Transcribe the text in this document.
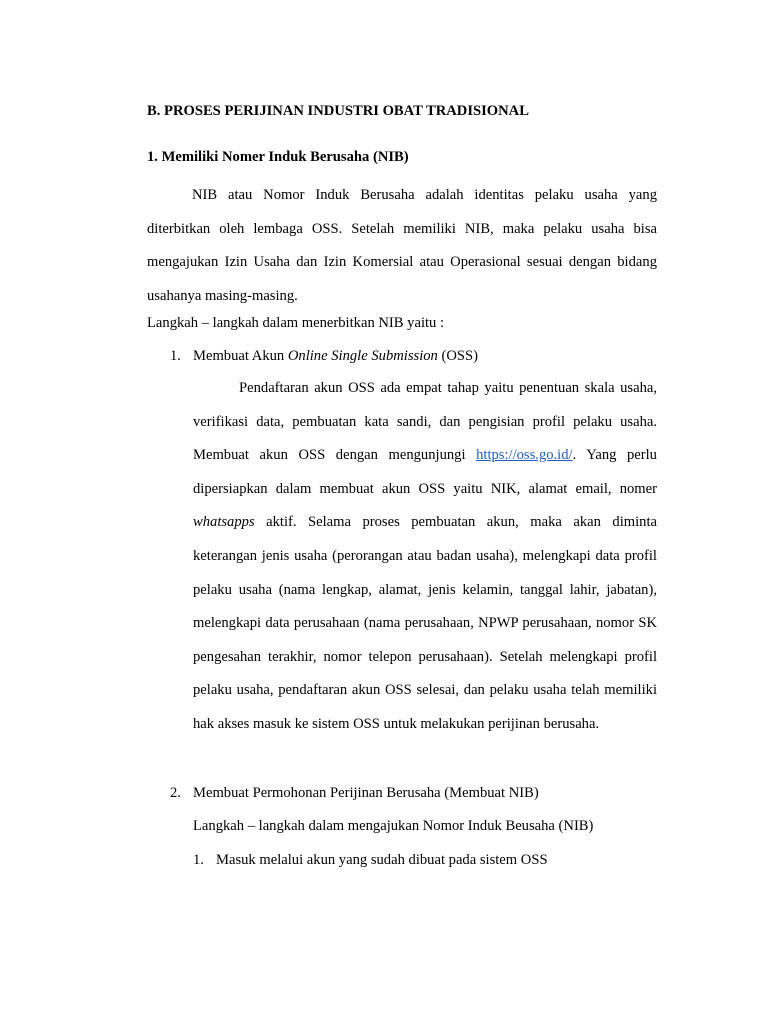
B. PROSES PERIJINAN INDUSTRI OBAT TRADISIONAL
1. Memiliki Nomer Induk Berusaha (NIB)

NIB atau Nomor Induk Berusaha adalah identitas pelaku usaha yang diterbitkan oleh lembaga OSS. Setelah memiliki NIB, maka pelaku usaha bisa mengajukan Izin Usaha dan Izin Komersial atau Operasional sesuai dengan bidang usahanya masing-masing.

Langkah – langkah dalam menerbitkan NIB yaitu :
1. Membuat Akun Online Single Submission (OSS)

Pendaftaran akun OSS ada empat tahap yaitu penentuan skala usaha, verifikasi data, pembuatan kata sandi, dan pengisian profil pelaku usaha. Membuat akun OSS dengan mengunjungi https://oss.go.id/. Yang perlu dipersiapkan dalam membuat akun OSS yaitu NIK, alamat email, nomer whatsapps aktif. Selama proses pembuatan akun, maka akan diminta keterangan jenis usaha (perorangan atau badan usaha), melengkapi data profil pelaku usaha (nama lengkap, alamat, jenis kelamin, tanggal lahir, jabatan), melengkapi data perusahaan (nama perusahaan, NPWP perusahaan, nomor SK pengesahan terakhir, nomor telepon perusahaan). Setelah melengkapi profil pelaku usaha, pendaftaran akun OSS selesai, dan pelaku usaha telah memiliki hak akses masuk ke sistem OSS untuk melakukan perijinan berusaha.

2. Membuat Permohonan Perijinan Berusaha (Membuat NIB)
Langkah – langkah dalam mengajukan Nomor Induk Beusaha (NIB)
1. Masuk melalui akun yang sudah dibuat pada sistem OSS
